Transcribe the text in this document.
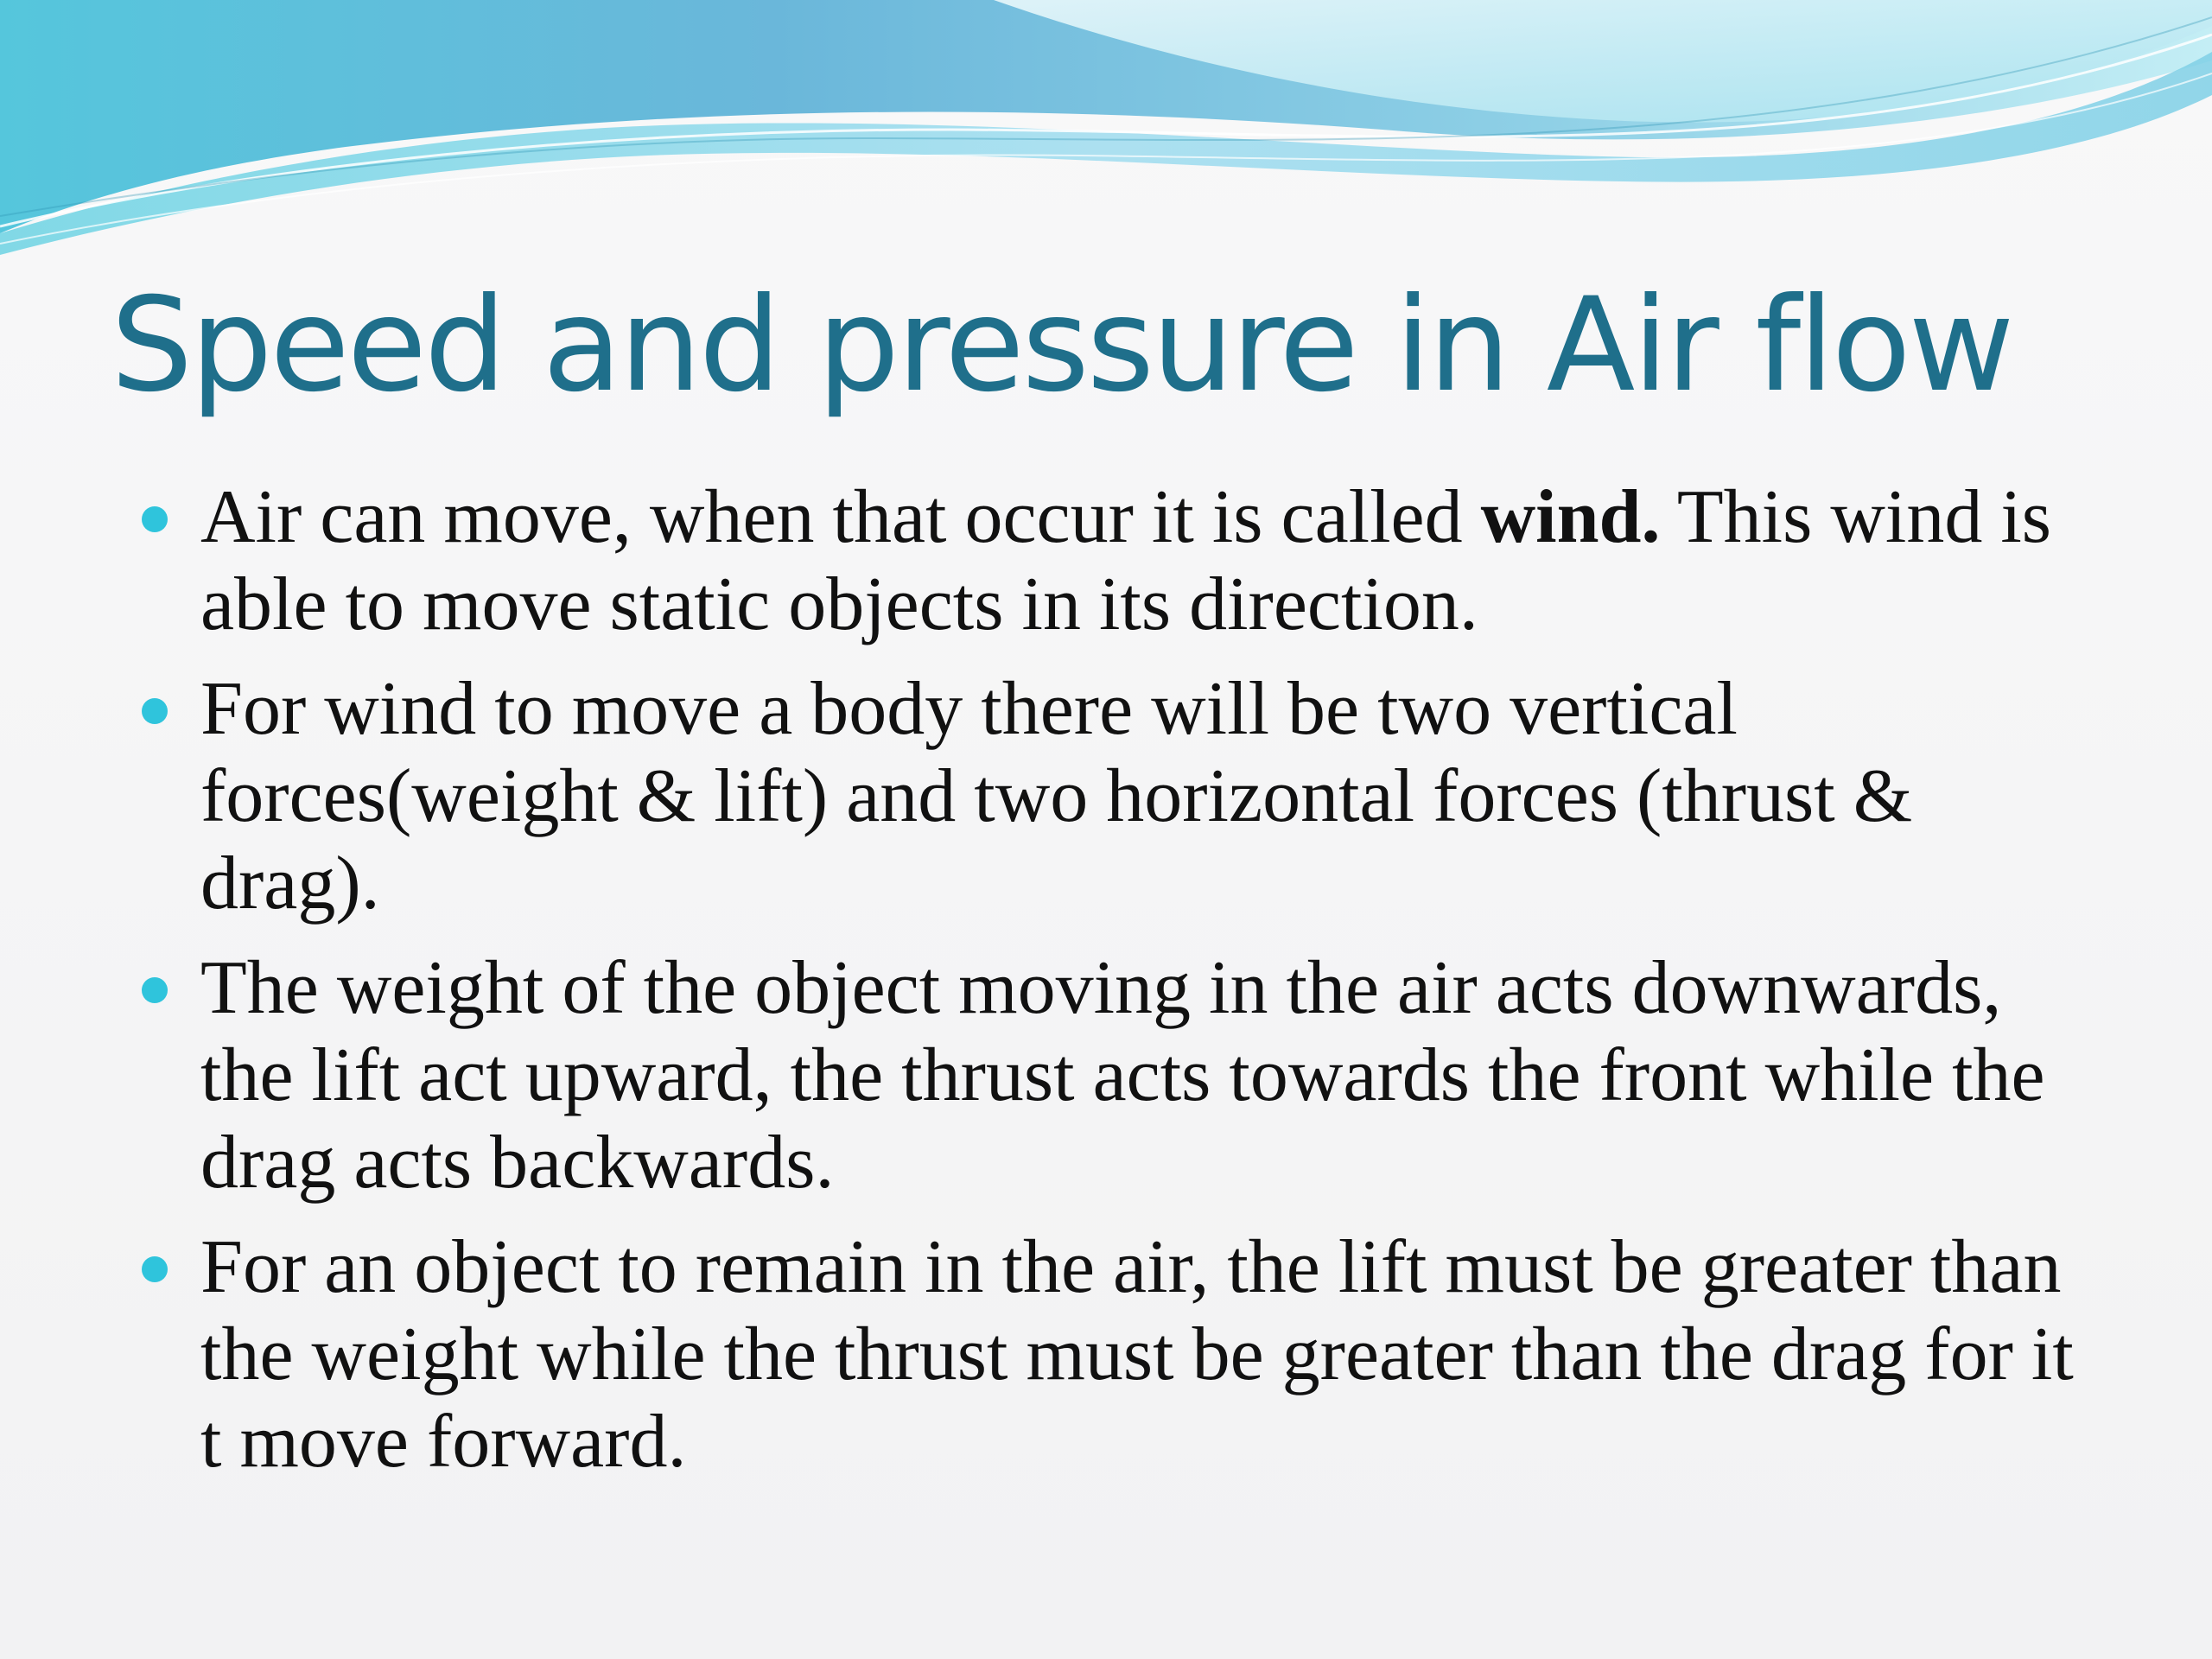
Speed and pressure in Air flow
Air can move, when that occur it is called wind. This wind is able to move static objects in its direction.
For wind to move a body there will be two vertical forces(weight & lift) and two horizontal forces (thrust & drag).
The weight of the object moving in the air acts downwards, the lift act upward, the thrust acts towards the front while the drag acts backwards.
For an object to remain in the air, the lift must be greater than the weight while the thrust must be greater than the drag for it t move forward.
